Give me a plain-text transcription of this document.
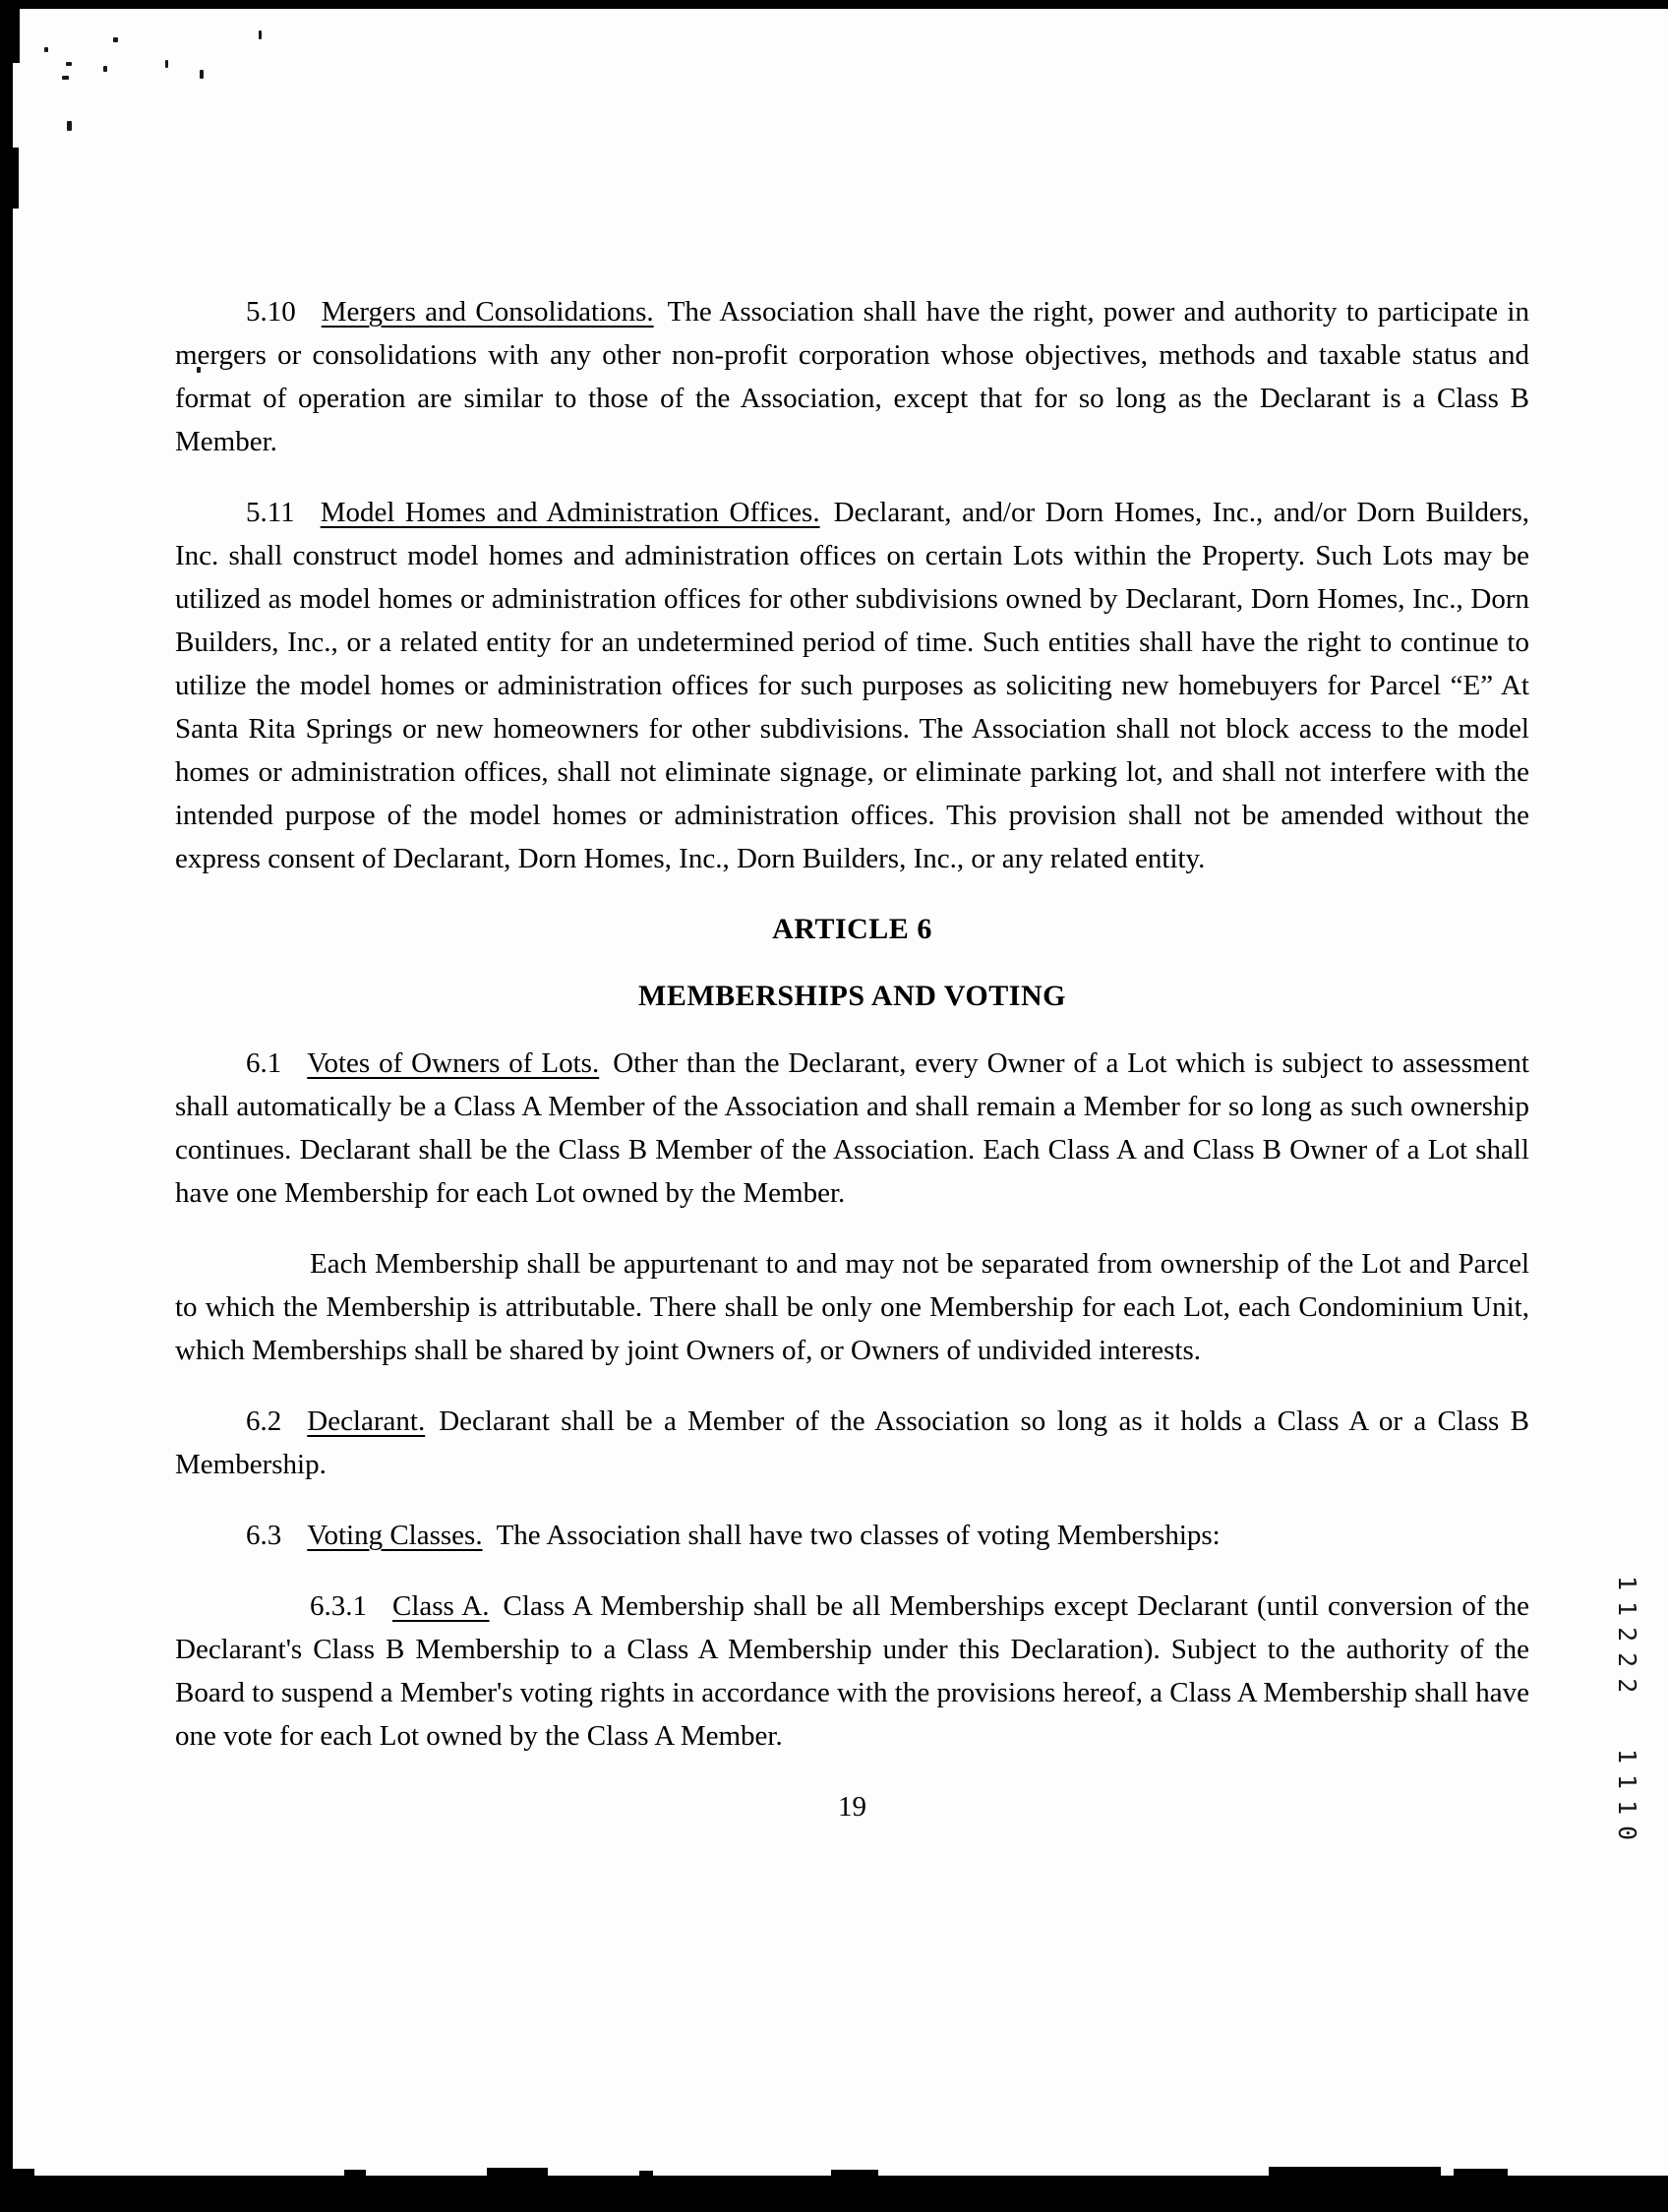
5.10 Mergers and Consolidations. The Association shall have the right, power and authority to participate in mergers or consolidations with any other non-profit corporation whose objectives, methods and taxable status and format of operation are similar to those of the Association, except that for so long as the Declarant is a Class B Member.

5.11 Model Homes and Administration Offices. Declarant, and/or Dorn Homes, Inc., and/or Dorn Builders, Inc. shall construct model homes and administration offices on certain Lots within the Property. Such Lots may be utilized as model homes or administration offices for other subdivisions owned by Declarant, Dorn Homes, Inc., Dorn Builders, Inc., or a related entity for an undetermined period of time. Such entities shall have the right to continue to utilize the model homes or administration offices for such purposes as soliciting new homebuyers for Parcel “E” At Santa Rita Springs or new homeowners for other subdivisions. The Association shall not block access to the model homes or administration offices, shall not eliminate signage, or eliminate parking lot, and shall not interfere with the intended purpose of the model homes or administration offices. This provision shall not be amended without the express consent of Declarant, Dorn Homes, Inc., Dorn Builders, Inc., or any related entity.

ARTICLE 6

MEMBERSHIPS AND VOTING

6.1 Votes of Owners of Lots. Other than the Declarant, every Owner of a Lot which is subject to assessment shall automatically be a Class A Member of the Association and shall remain a Member for so long as such ownership continues. Declarant shall be the Class B Member of the Association. Each Class A and Class B Owner of a Lot shall have one Membership for each Lot owned by the Member.

Each Membership shall be appurtenant to and may not be separated from ownership of the Lot and Parcel to which the Membership is attributable. There shall be only one Membership for each Lot, each Condominium Unit, which Memberships shall be shared by joint Owners of, or Owners of undivided interests.

6.2 Declarant. Declarant shall be a Member of the Association so long as it holds a Class A or a Class B Membership.

6.3 Voting Classes. The Association shall have two classes of voting Memberships:

6.3.1 Class A. Class A Membership shall be all Memberships except Declarant (until conversion of the Declarant's Class B Membership to a Class A Membership under this Declaration). Subject to the authority of the Board to suspend a Member's voting rights in accordance with the provisions hereof, a Class A Membership shall have one vote for each Lot owned by the Class A Member.

19

11222
1110
